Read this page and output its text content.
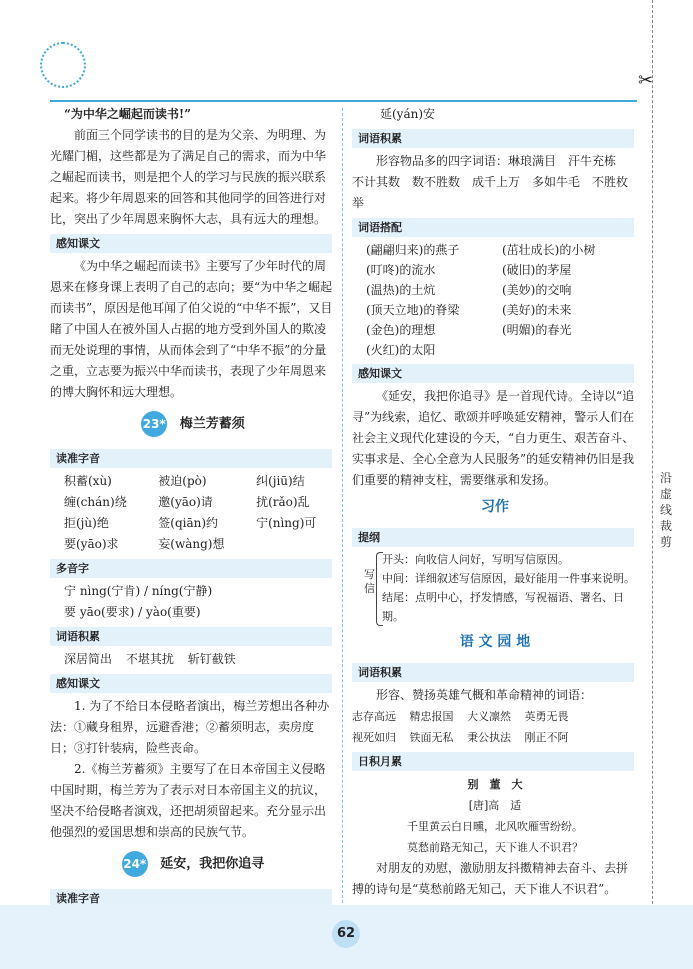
✂
沿虚线裁剪

“为中华之崛起而读书!”

前面三个同学读书的目的是为父亲、为明理、为光耀门楣，这些都是为了满足自己的需求，而为中华之崛起而读书，则是把个人的学习与民族的振兴联系起来。将少年周恩来的回答和其他同学的回答进行对比，突出了少年周恩来胸怀大志，具有远大的理想。

感知课文

《为中华之崛起而读书》主要写了少年时代的周恩来在修身课上表明了自己的志向；要“为中华之崛起而读书”，原因是他耳闻了伯父说的“中华不振”，又目睹了中国人在被外国人占据的地方受到外国人的欺凌而无处说理的事情，从而体会到了“中华不振”的分量之重，立志要为振兴中华而读书，表现了少年周恩来的博大胸怀和远大理想。

23* 梅兰芳蓄须
读准字音
积蓄(xù)	被迫(pò)	纠(jiū)结
缠(chán)绕	邀(yāo)请	扰(rǎo)乱
拒(jù)绝	签(qiān)约	宁(nìng)可
要(yāo)求	妄(wàng)想
多音字
宁 nìng(宁肯) / níng(宁静) 要 yāo(要求) / yào(重要)
词语积累
深居简出 不堪其扰 斩钉截铁
感知课文

1. 为了不给日本侵略者演出，梅兰芳想出各种办法：①藏身租界，远避香港；②蓄须明志，卖房度日；③打针装病，险些丧命。

2.《梅兰芳蓄须》主要写了在日本帝国主义侵略中国时期，梅兰芳为了表示对日本帝国主义的抗议，坚决不给侵略者演戏，还把胡须留起来。充分显示出他强烈的爱国思想和崇高的民族气节。

24* 延安，我把你追寻
读准字音

延(yán)安

词语积累

形容物品多的四字词语：琳琅满目　汗牛充栋　不计其数　数不胜数　成千上万　多如牛毛　不胜枚举

词语搭配
(翩翩归来)的燕子	(茁壮成长)的小树
(叮咚)的流水	(破旧)的茅屋
(温热)的土炕	(美妙)的交响
(顶天立地)的脊梁	(美好)的未来
(金色)的理想	(明媚)的春光
(火红)的太阳
感知课文

《延安，我把你追寻》是一首现代诗。全诗以“追寻”为线索，追忆、歌颂并呼唤延安精神，警示人们在社会主义现代化建设的今天，“自力更生、艰苦奋斗、实事求是、全心全意为人民服务”的延安精神仍旧是我们重要的精神支柱，需要继承和发扬。

习作
提纲
写信
开头：向收信人问好，写明写信原因。
中间：详细叙述写信原因，最好能用一件事来说明。
结尾：点明中心，抒发情感，写祝福语、署名、日期。
语 文 园 地
词语积累

形容、赞扬英雄气概和革命精神的词语：

志存高远 精忠报国 大义凛然 英勇无畏
视死如归 铁面无私 秉公执法 刚正不阿
日积月累
别　董　大
[唐]高　适
千里黄云白日曛，北风吹雁雪纷纷。
莫愁前路无知己，天下谁人不识君？

对朋友的劝慰，激励朋友抖擞精神去奋斗、去拼搏的诗句是“莫愁前路无知己，天下谁人不识君”。

62
